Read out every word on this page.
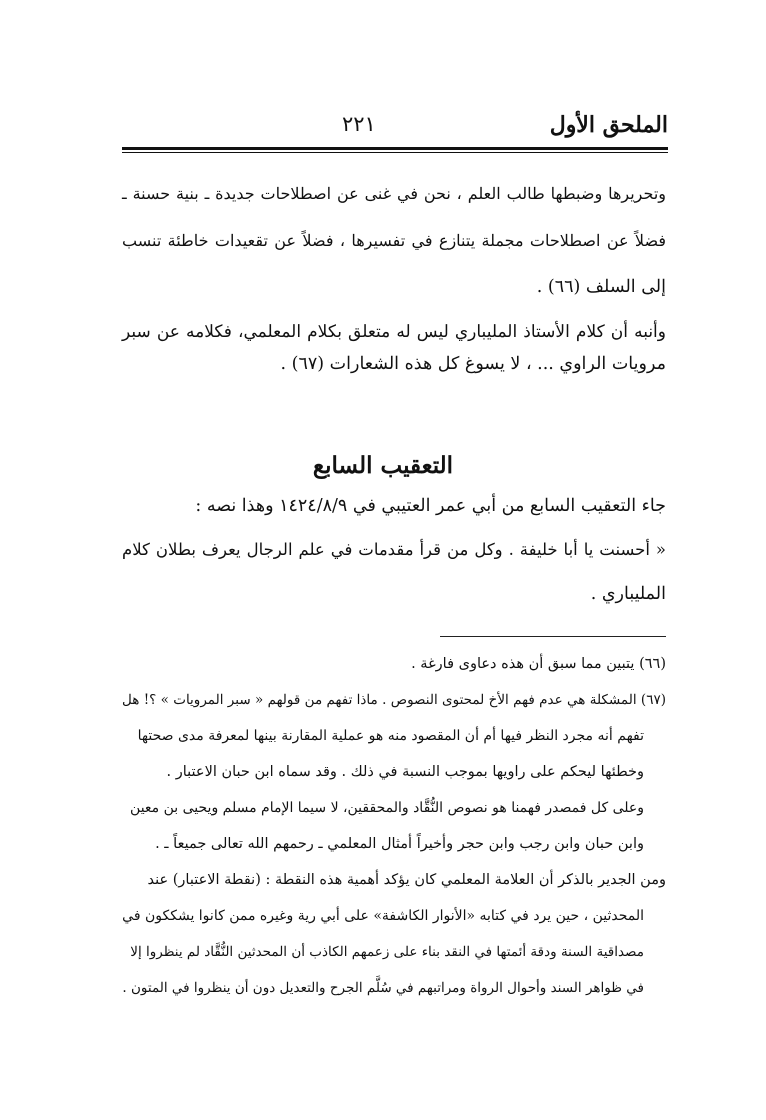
الملحق الأول
٢٢١
وتحريرها وضبطها طالب العلم ، نحن في غنى عن اصطلاحات جديدة ـ بنية حسنة ـ
فضلاً عن اصطلاحات مجملة يتنازع في تفسيرها ، فضلاً عن تقعيدات خاطئة تنسب
إلى السلف (٦٦) .
وأنبه أن كلام الأستاذ المليباري ليس له متعلق بكلام المعلمي، فكلامه عن سبر
مرويات الراوي ... ، لا يسوغ كل هذه الشعارات (٦٧) .
التعقيب السابع
جاء التعقيب السابع من أبي عمر العتيبي في ١٤٢٤/٨/٩ وهذا نصه :
« أحسنت يا أبا خليفة . وكل من قرأ مقدمات في علم الرجال يعرف بطلان كلام
المليباري .
(٦٦) يتبين مما سبق أن هذه دعاوى فارغة .
(٦٧) المشكلة هي عدم فهم الأخ لمحتوى النصوص . ماذا تفهم من قولهم « سبر المرويات » ؟! هل
تفهم أنه مجرد النظر فيها أم أن المقصود منه هو عملية المقارنة بينها لمعرفة مدى صحتها
وخطئها ليحكم على راويها بموجب النسبة في ذلك . وقد سماه ابن حبان الاعتبار .
وعلى كل فمصدر فهمنا هو نصوص النُّقَّاد والمحققين، لا سيما الإمام مسلم ويحيى بن معين
وابن حبان وابن رجب وابن حجر وأخيراً أمثال المعلمي ـ رحمهم الله تعالى جميعاً ـ .
ومن الجدير بالذكر أن العلامة المعلمي كان يؤكد أهمية هذه النقطة : (نقطة الاعتبار) عند
المحدثين ، حين يرد في كتابه «الأنوار الكاشفة» على أبي رية وغيره ممن كانوا يشككون في
مصداقية السنة ودقة أئمتها في النقد بناء على زعمهم الكاذب أن المحدثين النُّقَّاد لم ينظروا إلا
في ظواهر السند وأحوال الرواة ومراتبهم في سُلَّم الجرح والتعديل دون أن ينظروا في المتون .
